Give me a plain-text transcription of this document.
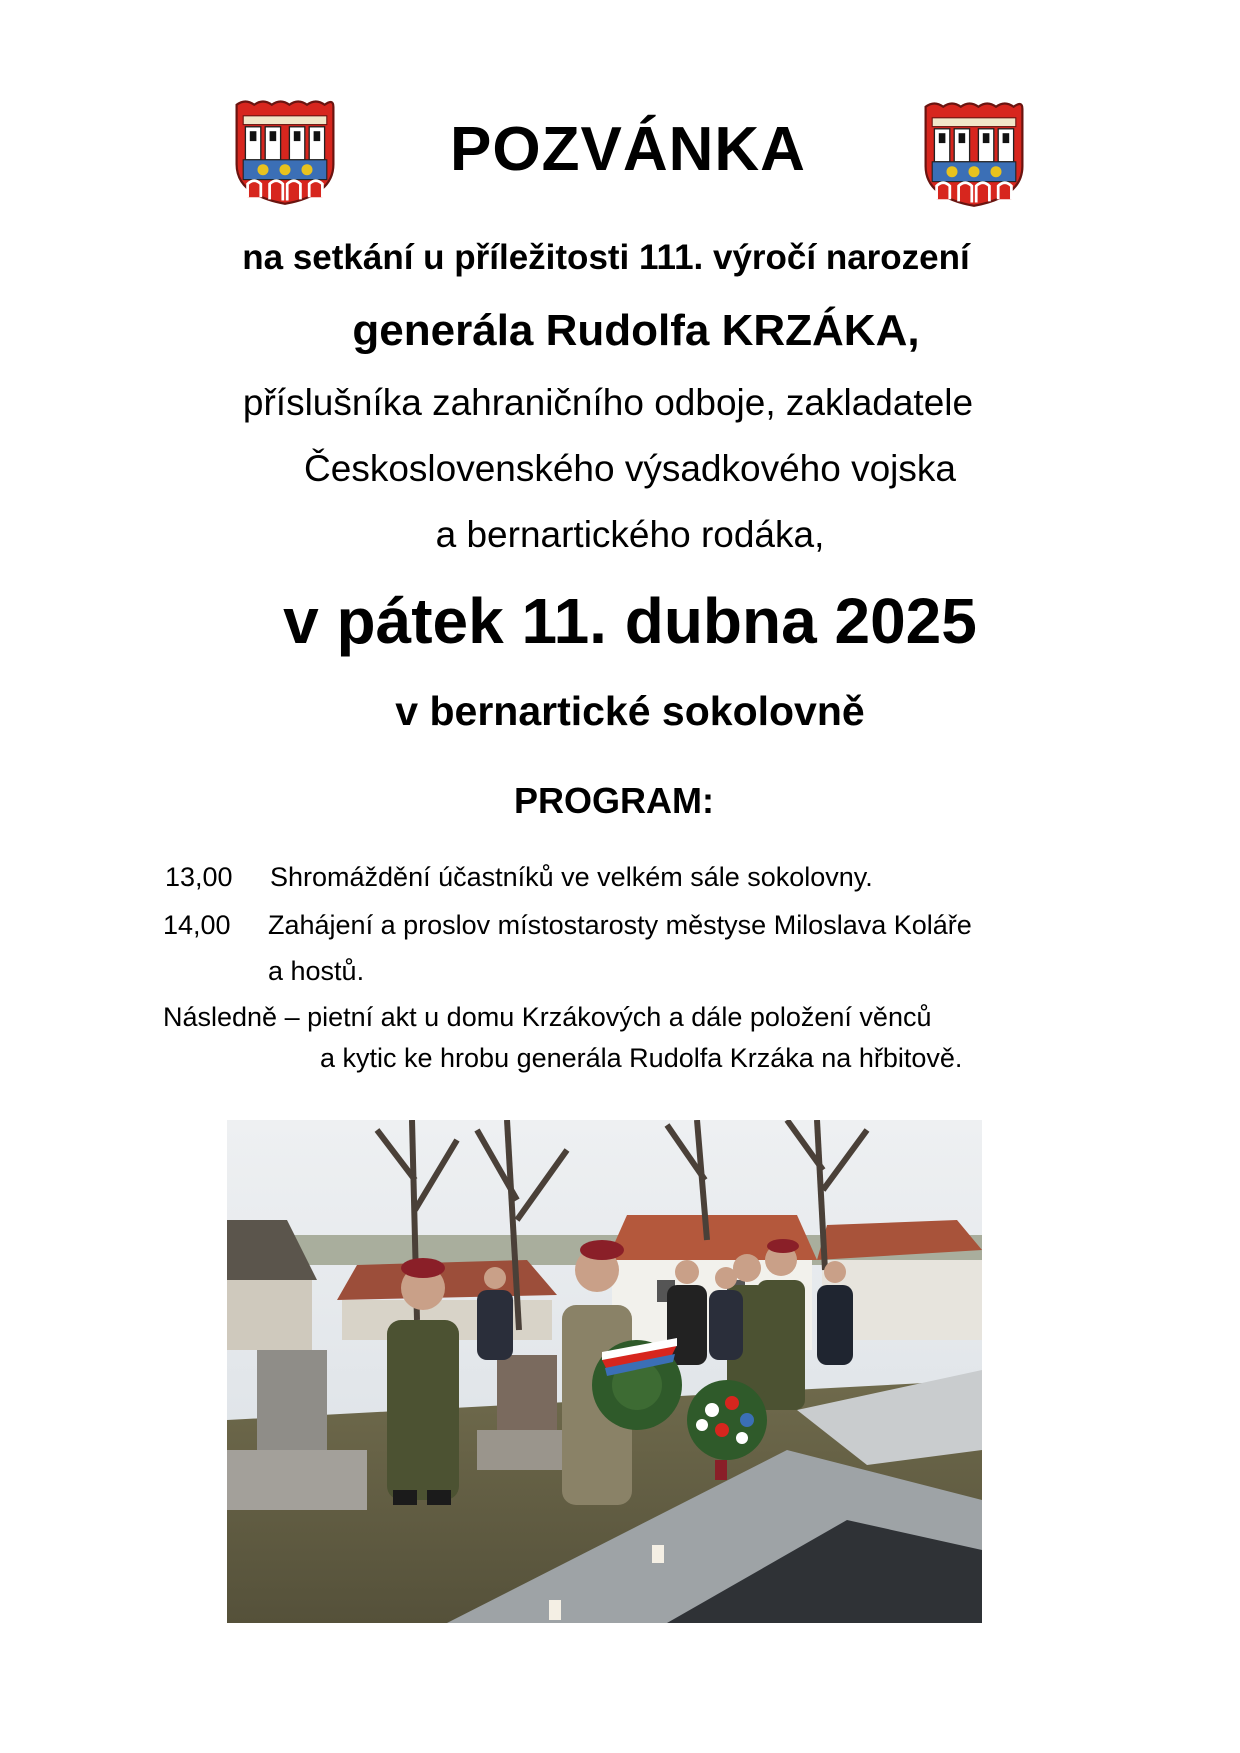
POZVÁNKA
na setkání u příležitosti 111. výročí narození
generála Rudolfa KRZÁKA,
příslušníka zahraničního odboje, zakladatele
Československého výsadkového vojska
a bernartického rodáka,
v pátek 11. dubna 2025
v bernartické sokolovně
PROGRAM:
13,00 Shromáždění účastníků ve velkém sále sokolovny.
14,00 Zahájení a proslov místostarosty městyse Miloslava Koláře
a hostů.
Následně – pietní akt u domu Krzákových a dále položení věnců
a kytic ke hrobu generála Rudolfa Krzáka na hřbitově.
